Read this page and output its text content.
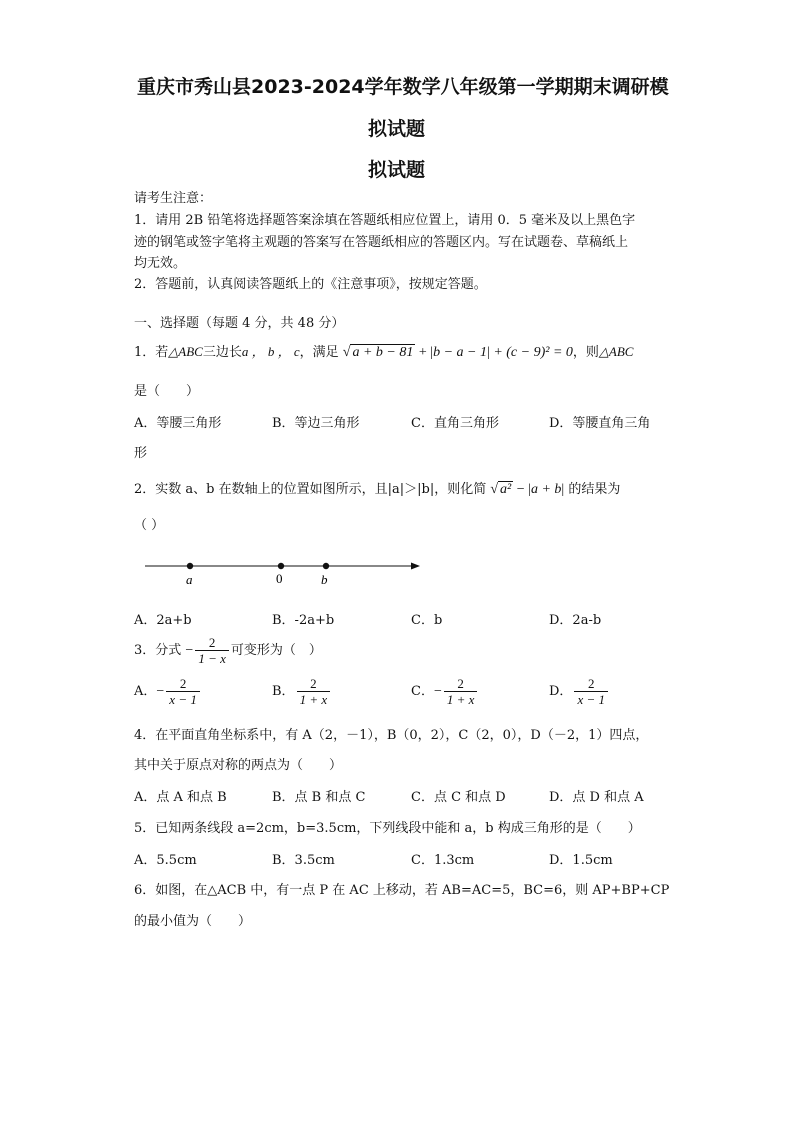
重庆市秀山县2023-2024学年数学八年级第一学期期末调研模
拟试题
拟试题
请考生注意：
1．请用 2B 铅笔将选择题答案涂填在答题纸相应位置上，请用 0．5 毫米及以上黑色字
迹的钢笔或签字笔将主观题的答案写在答题纸相应的答题区内。写在试题卷、草稿纸上
均无效。
2．答题前，认真阅读答题纸上的《注意事项》，按规定答题。
一、选择题（每题 4 分，共 48 分）
1．若△ABC三边长a ， b ， c，满足 √ a + b − 81 + |b − a − 1| + (c − 9)² = 0，则△ABC
是（　　）
A．等腰三角形	B．等边三角形	C．直角三角形	D．等腰直角三角
形
2．实数 a、b 在数轴上的位置如图所示，且|a|＞|b|，则化简 √ a² − |a + b| 的结果为
（ ）
a	0	b
A．2a+b	B．-2a+b	C．b	D．2a-b
3．分式 − $\frac{2}{1 - x}$ 可变形为（　）
A．− $\frac{2}{x - 1}$	B． $\frac{2}{1 + x}$	C．− $\frac{2}{1 + x}$	D． $\frac{2}{x - 1}$
4．在平面直角坐标系中，有 A（2，－1），B（0，2），C（2，0），D（－2，1）四点，
其中关于原点对称的两点为（　　）
A．点 A 和点 B	B．点 B 和点 C	C．点 C 和点 D	D．点 D 和点 A
5．已知两条线段 a=2cm，b=3.5cm，下列线段中能和 a，b 构成三角形的是（　　）
A．5.5cm	B．3.5cm	C．1.3cm	D．1.5cm
6．如图，在△ACB 中，有一点 P 在 AC 上移动，若 AB=AC=5，BC=6，则 AP+BP+CP
的最小值为（　　）
